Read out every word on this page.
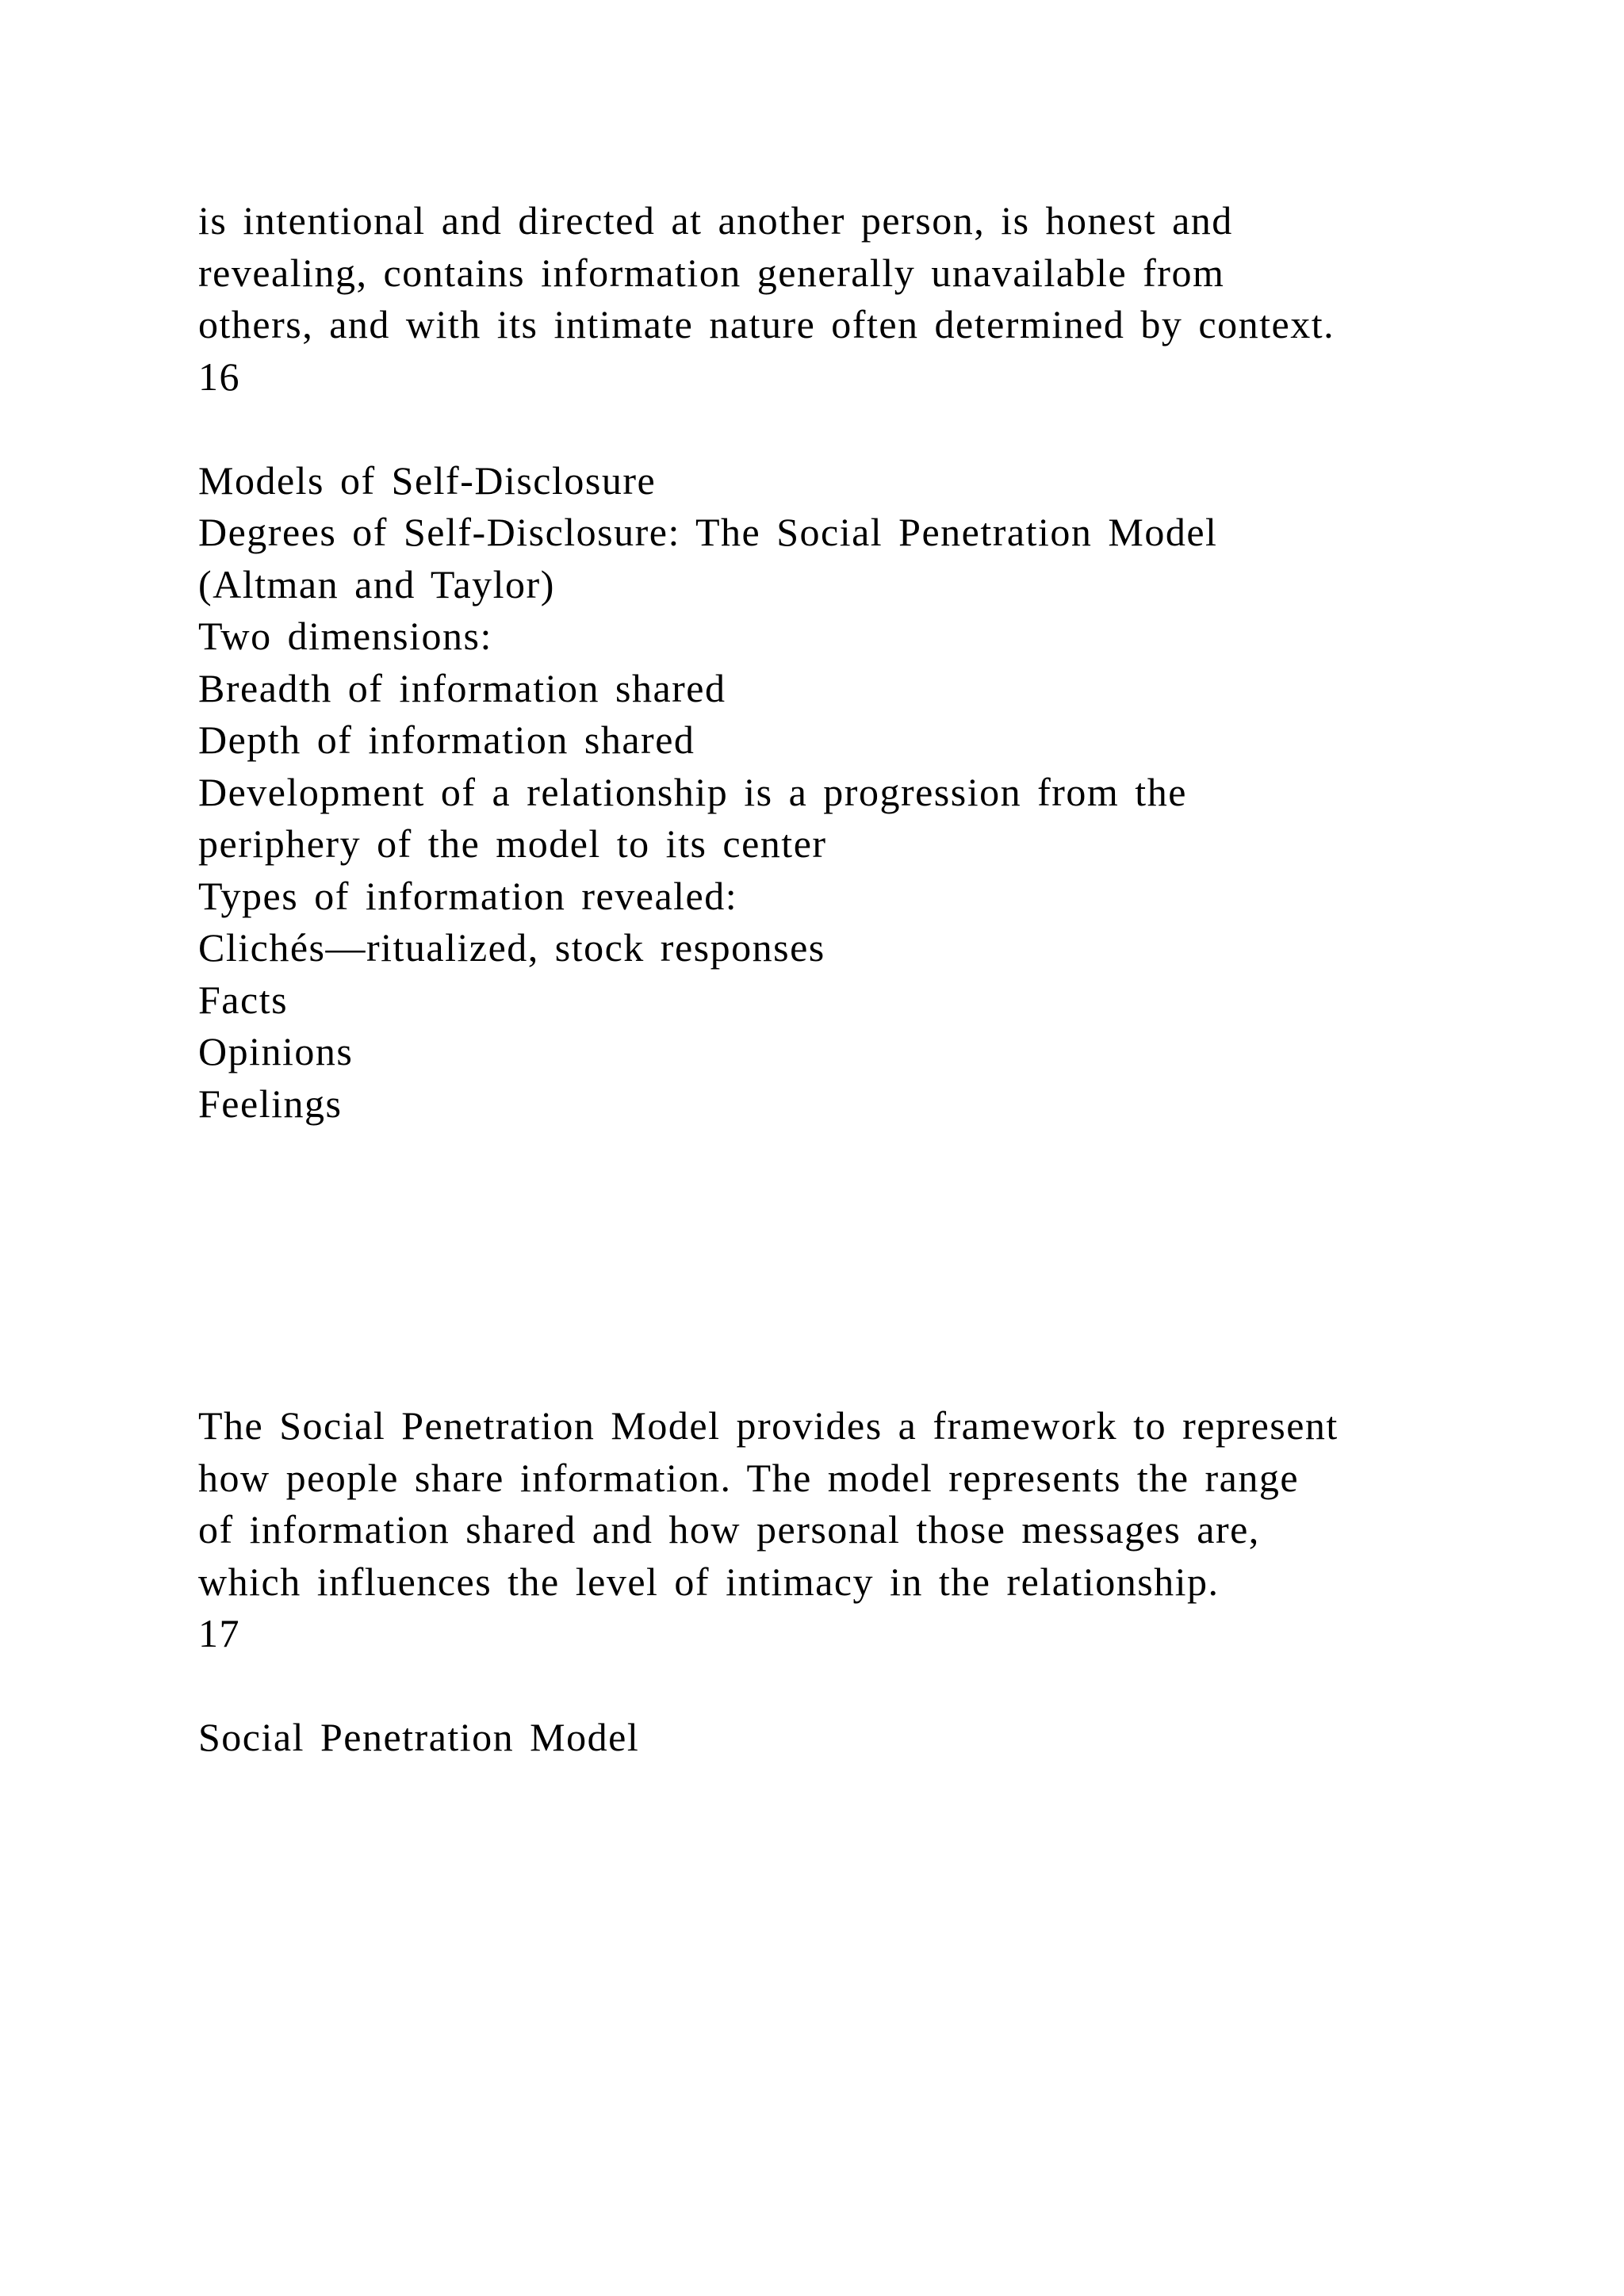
is intentional and directed at another person, is honest and
revealing, contains information generally unavailable from
others, and with its intimate nature often determined by context.
16
Models of Self-Disclosure
Degrees of Self-Disclosure: The Social Penetration Model
(Altman and Taylor)
Two dimensions:
Breadth of information shared
Depth of information shared
Development of a relationship is a progression from the
periphery of the model to its center
Types of information revealed:
Clichés—ritualized, stock responses
Facts
Opinions
Feelings
The Social Penetration Model provides a framework to represent
how people share information. The model represents the range
of information shared and how personal those messages are,
which influences the level of intimacy in the relationship.
17
Social Penetration Model
